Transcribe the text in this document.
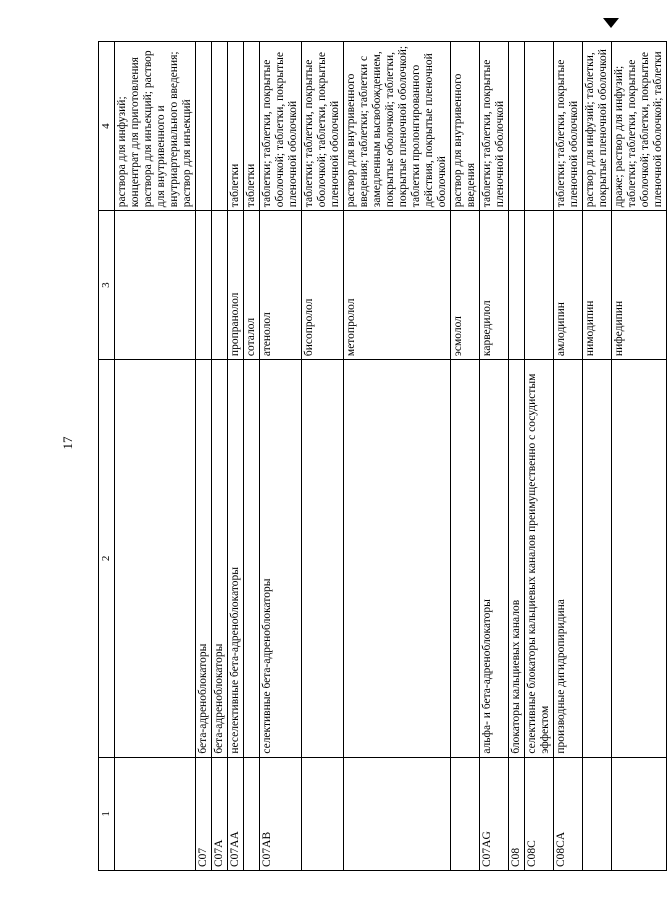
17
1	2	3	4
			раствора для инфузий; концентрат для приготовления раствора для инъекций; раствор для внутривенного и внутриартериального введения; раствор для инъекций
C07	бета-адреноблокаторы		
C07A	бета-адреноблокаторы		
C07AA	неселективные бета-адреноблокаторы	пропранолол	таблетки
		соталол	таблетки
C07AB	селективные бета-адреноблокаторы	атенолол	таблетки; таблетки, покрытые оболочкой; таблетки, покрытые пленочной оболочкой
		бисопролол	таблетки; таблетки, покрытые оболочкой; таблетки, покрытые пленочной оболочкой
		метопролол	раствор для внутривенного введения; таблетки; таблетки с замедленным высвобождением, покрытые оболочкой; таблетки, покрытые пленочной оболочкой; таблетки пролонгированного действия, покрытые пленочной оболочкой
		эсмолол	раствор для внутривенного введения
C07AG	альфа- и бета-адреноблокаторы	карведилол	таблетки; таблетки, покрытые пленочной оболочкой
C08	блокаторы кальциевых каналов		
C08C	селективные блокаторы кальциевых каналов преимущественно с сосудистым эффектом		
C08CA	производные дигидропиридина	амлодипин	таблетки; таблетки, покрытые пленочной оболочкой
		нимодипин	раствор для инфузий; таблетки, покрытые пленочной оболочкой
		нифедипин	драже; раствор для инфузий; таблетки; таблетки, покрытые оболочкой; таблетки, покрытые пленочной оболочкой; таблетки
